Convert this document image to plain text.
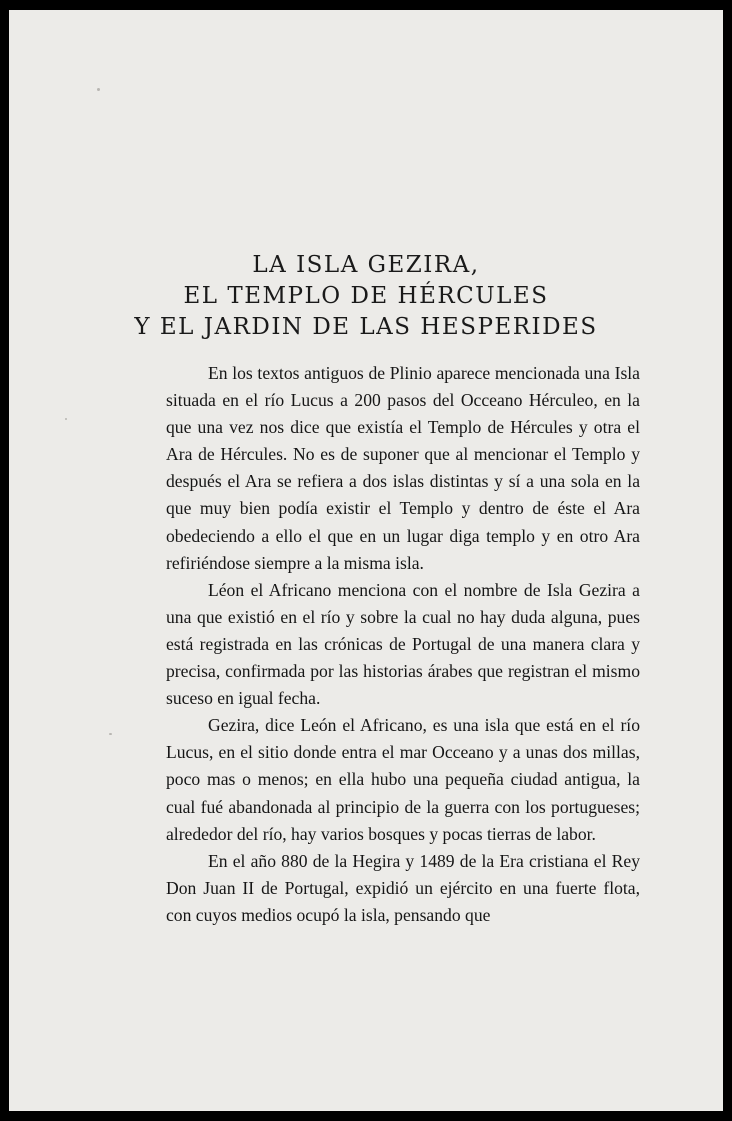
LA ISLA GEZIRA,
EL TEMPLO DE HÉRCULES
Y EL JARDIN DE LAS HESPERIDES

En los textos antiguos de Plinio aparece mencionada una Isla situada en el río Lucus a 200 pasos del Occeano Hérculeo, en la que una vez nos dice que existía el Templo de Hércules y otra el Ara de Hércules. No es de suponer que al mencionar el Templo y después el Ara se refiera a dos islas distintas y sí a una sola en la que muy bien podía existir el Templo y dentro de éste el Ara obedeciendo a ello el que en un lugar diga templo y en otro Ara refiriéndose siempre a la misma isla.

Léon el Africano menciona con el nombre de Isla Gezira a una que existió en el río y sobre la cual no hay duda alguna, pues está registrada en las crónicas de Portugal de una manera clara y precisa, confirmada por las historias árabes que registran el mismo suceso en igual fecha.

Gezira, dice León el Africano, es una isla que está en el río Lucus, en el sitio donde entra el mar Occeano y a unas dos millas, poco mas o menos; en ella hubo una pequeña ciudad antigua, la cual fué abandonada al principio de la guerra con los portugueses; alrededor del río, hay varios bosques y pocas tierras de labor.

En el año 880 de la Hegira y 1489 de la Era cristiana el Rey Don Juan II de Portugal, expidió un ejército en una fuerte flota, con cuyos medios ocupó la isla, pensando que
